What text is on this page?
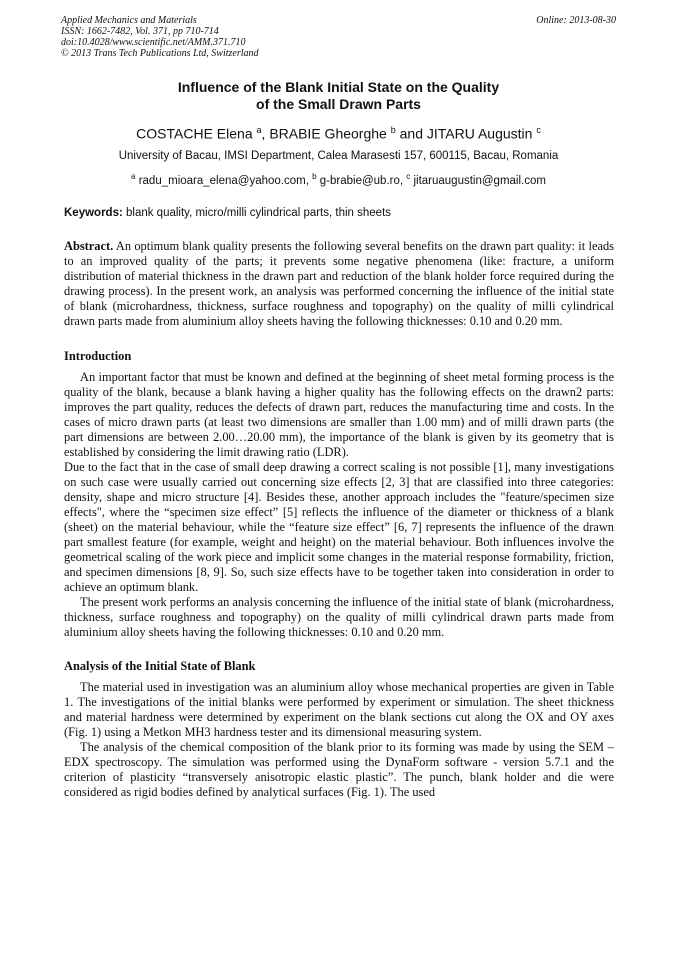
Applied Mechanics and Materials
ISSN: 1662-7482, Vol. 371, pp 710-714
doi:10.4028/www.scientific.net/AMM.371.710
© 2013 Trans Tech Publications Ltd, Switzerland
Online: 2013-08-30
Influence of the Blank Initial State on the Quality
of the Small Drawn Parts
COSTACHE Elena $^a$, BRABIE Gheorghe $^b$ and JITARU Augustin $^c$
University of Bacau, IMSI Department, Calea Marasesti 157, 600115, Bacau, Romania
$^a$ radu_mioara_elena@yahoo.com, $^b$ g-brabie@ub.ro, $^c$ jitaruaugustin@gmail.com
Keywords: blank quality, micro/milli cylindrical parts, thin sheets

Abstract. An optimum blank quality presents the following several benefits on the drawn part quality: it leads to an improved quality of the parts; it prevents some negative phenomena (like: fracture, a uniform distribution of material thickness in the drawn part and reduction of the blank holder force required during the drawing process). In the present work, an analysis was performed concerning the influence of the initial state of blank (microhardness, thickness, surface roughness and topography) on the quality of milli cylindrical drawn parts made from aluminium alloy sheets having the following thicknesses: 0.10 and 0.20 mm.

Introduction

An important factor that must be known and defined at the beginning of sheet metal forming process is the quality of the blank, because a blank having a higher quality has the following effects on the drawn2 parts: improves the part quality, reduces the defects of drawn part, reduces the manufacturing time and costs. In the cases of micro drawn parts (at least two dimensions are smaller than 1.00 mm) and of milli drawn parts (the part dimensions are between 2.00…20.00 mm), the importance of the blank is given by its geometry that is established by considering the limit drawing ratio (LDR).

Due to the fact that in the case of small deep drawing a correct scaling is not possible [1], many investigations on such case were usually carried out concerning size effects [2, 3] that are classified into three categories: density, shape and micro structure [4]. Besides these, another approach includes the "feature/specimen size effects", where the “specimen size effect” [5] reflects the influence of the diameter or thickness of a blank (sheet) on the material behaviour, while the “feature size effect” [6, 7] represents the influence of the drawn part smallest feature (for example, weight and height) on the material behaviour. Both influences involve the geometrical scaling of the work piece and implicit some changes in the material response formability, friction, and specimen dimensions [8, 9]. So, such size effects have to be together taken into consideration in order to achieve an optimum blank.

The present work performs an analysis concerning the influence of the initial state of blank (microhardness, thickness, surface roughness and topography) on the quality of milli cylindrical drawn parts made from aluminium alloy sheets having the following thicknesses: 0.10 and 0.20 mm.

Analysis of the Initial State of Blank

The material used in investigation was an aluminium alloy whose mechanical properties are given in Table 1. The investigations of the initial blanks were performed by experiment or simulation. The sheet thickness and material hardness were determined by experiment on the blank sections cut along the OX and OY axes (Fig. 1) using a Metkon MH3 hardness tester and its dimensional measuring system.

The analysis of the chemical composition of the blank prior to its forming was made by using the SEM – EDX spectroscopy. The simulation was performed using the DynaForm software - version 5.7.1 and the criterion of plasticity “transversely anisotropic elastic plastic”. The punch, blank holder and die were considered as rigid bodies defined by analytical surfaces (Fig. 1). The used
